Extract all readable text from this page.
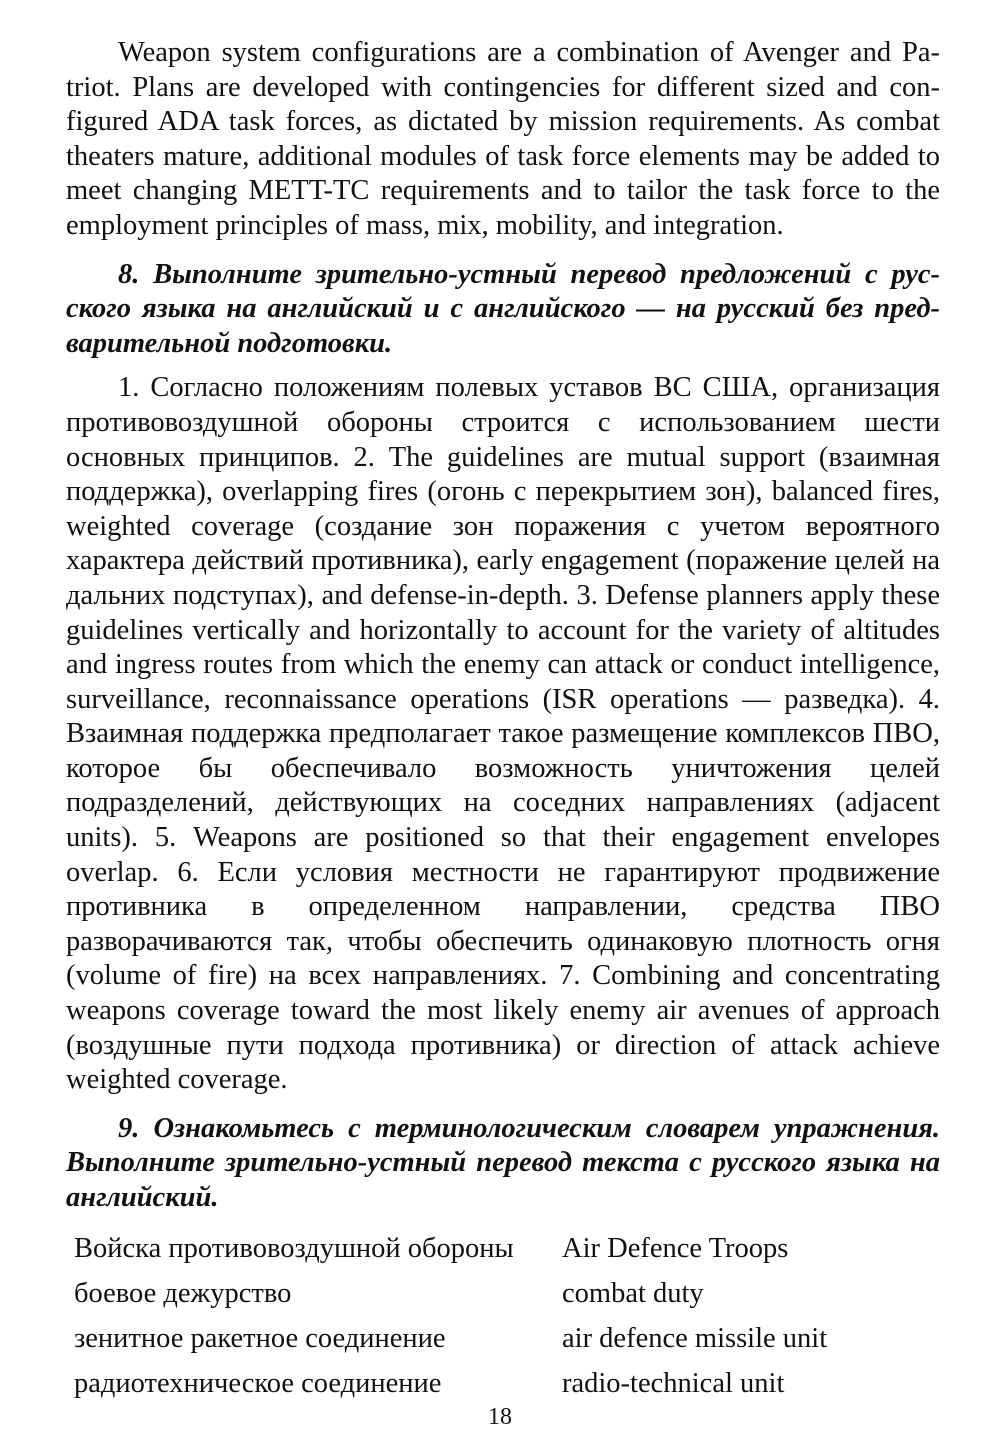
Weapon system configurations are a combination of Avenger and Patriot. Plans are developed with contingencies for different sized and configured ADA task forces, as dictated by mission requirements. As combat theaters mature, additional modules of task force elements may be added to meet changing METT-TC requirements and to tailor the task force to the employment principles of mass, mix, mobility, and integration.

8. Выполните зрительно-устный перевод предложений с русского языка на английский и с английского — на русский без предварительной подготовки.

1. Согласно положениям полевых уставов ВС США, организация противовоздушной обороны строится с использованием шести основных принципов. 2. The guidelines are mutual support (взаимная поддержка), overlapping fires (огонь с перекрытием зон), balanced fires, weighted coverage (создание зон поражения с учетом вероятного характера действий противника), early engagement (поражение целей на дальних подступах), and defense-in-depth. 3. Defense planners apply these guidelines vertically and horizontally to account for the variety of altitudes and ingress routes from which the enemy can attack or conduct intelligence, surveillance, reconnaissance operations (ISR operations — разведка). 4. Взаимная поддержка предполагает такое размещение комплексов ПВО, которое бы обеспечивало возможность уничтожения целей подразделений, действующих на соседних направлениях (adjacent units). 5. Weapons are positioned so that their engagement envelopes overlap. 6. Если условия местности не гарантируют продвижение противника в определенном направлении, средства ПВО разворачиваются так, чтобы обеспечить одинаковую плотность огня (volume of fire) на всех направлениях. 7. Combining and concentrating weapons coverage toward the most likely enemy air avenues of approach (воздушные пути подхода противника) or direction of attack achieve weighted coverage.

9. Ознакомьтесь с терминологическим словарем упражнения. Выполните зрительно-устный перевод текста с русского языка на английский.

Войска противовоздушной обороны	Air Defence Troops
боевое дежурство	combat duty
зенитное ракетное соединение	air defence missile unit
радиотехническое соединение	radio-technical unit
18
